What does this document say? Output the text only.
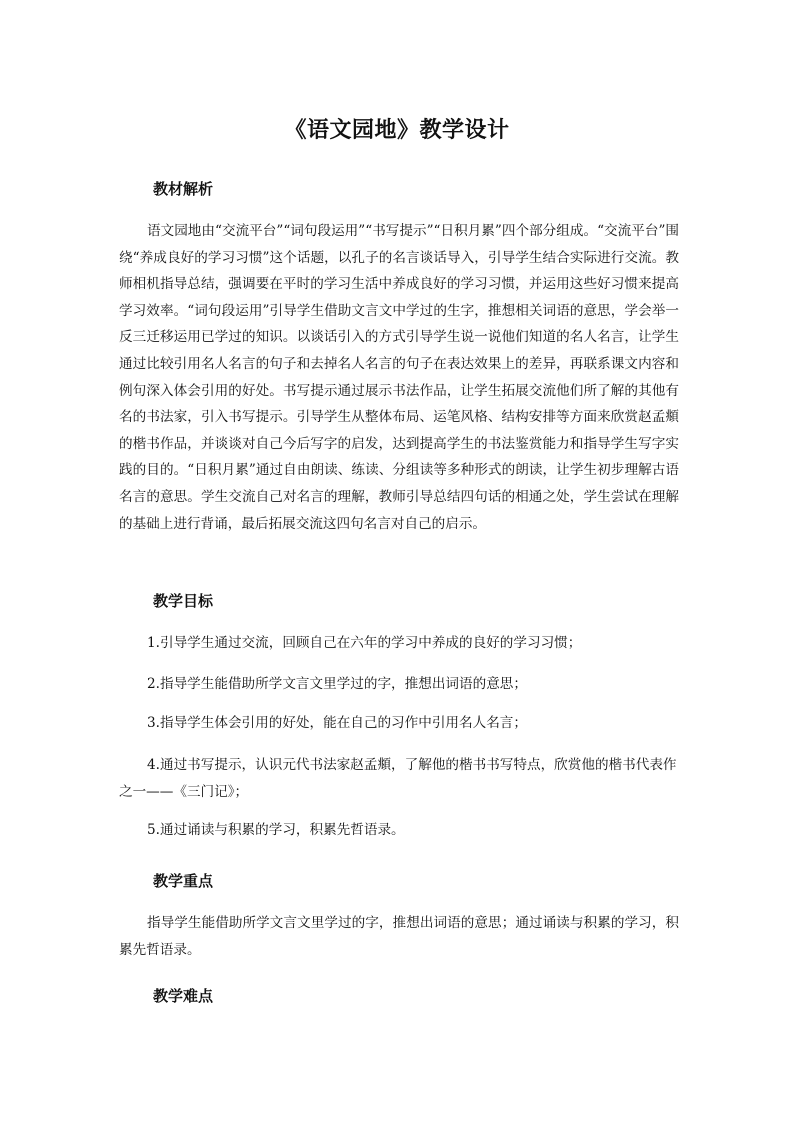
《语文园地》教学设计
教材解析

语文园地由“交流平台”“词句段运用”“书写提示”“日积月累”四个部分组成。“交流平台”围绕“养成良好的学习习惯”这个话题，以孔子的名言谈话导入，引导学生结合实际进行交流。教师相机指导总结，强调要在平时的学习生活中养成良好的学习习惯，并运用这些好习惯来提高学习效率。“词句段运用”引导学生借助文言文中学过的生字，推想相关词语的意思，学会举一反三迁移运用已学过的知识。以谈话引入的方式引导学生说一说他们知道的名人名言，让学生通过比较引用名人名言的句子和去掉名人名言的句子在表达效果上的差异，再联系课文内容和例句深入体会引用的好处。书写提示通过展示书法作品，让学生拓展交流他们所了解的其他有名的书法家，引入书写提示。引导学生从整体布局、运笔风格、结构安排等方面来欣赏赵孟頫的楷书作品，并谈谈对自己今后写字的启发，达到提高学生的书法鉴赏能力和指导学生写字实践的目的。“日积月累”通过自由朗读、练读、分组读等多种形式的朗读，让学生初步理解古语名言的意思。学生交流自己对名言的理解，教师引导总结四句话的相通之处，学生尝试在理解的基础上进行背诵，最后拓展交流这四句名言对自己的启示。

教学目标

1.引导学生通过交流，回顾自己在六年的学习中养成的良好的学习习惯；

2.指导学生能借助所学文言文里学过的字，推想出词语的意思；

3.指导学生体会引用的好处，能在自己的习作中引用名人名言；

4.通过书写提示，认识元代书法家赵孟頫，了解他的楷书书写特点，欣赏他的楷书代表作之一——《三门记》；

5.通过诵读与积累的学习，积累先哲语录。

教学重点

指导学生能借助所学文言文里学过的字，推想出词语的意思；通过诵读与积累的学习，积累先哲语录。

教学难点
